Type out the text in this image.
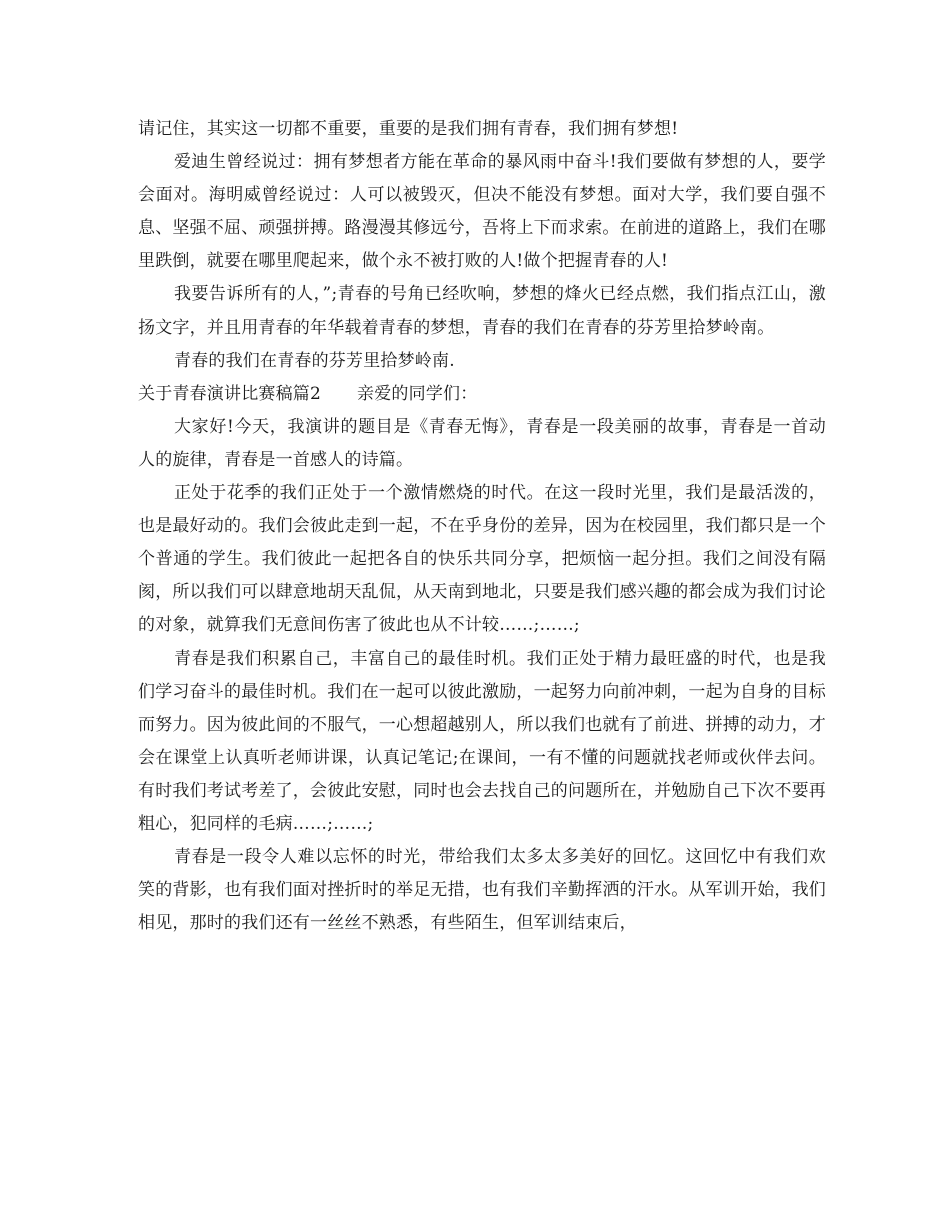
请记住，其实这一切都不重要，重要的是我们拥有青春，我们拥有梦想!

爱迪生曾经说过：拥有梦想者方能在革命的暴风雨中奋斗!我们要做有梦想的人，要学会面对。海明威曾经说过：人可以被毁灭，但决不能没有梦想。面对大学，我们要自强不息、坚强不屈、顽强拼搏。路漫漫其修远兮，吾将上下而求索。在前进的道路上，我们在哪里跌倒，就要在哪里爬起来，做个永不被打败的人!做个把握青春的人!

我要告诉所有的人，”;青春的号角已经吹响，梦想的烽火已经点燃，我们指点江山，激扬文字，并且用青春的年华载着青春的梦想，青春的我们在青春的芬芳里拾梦岭南。

青春的我们在青春的芬芳里拾梦岭南.

关于青春演讲比赛稿篇2 亲爱的同学们：

大家好!今天，我演讲的题目是《青春无悔》，青春是一段美丽的故事，青春是一首动人的旋律，青春是一首感人的诗篇。

正处于花季的我们正处于一个激情燃烧的时代。在这一段时光里，我们是最活泼的，也是最好动的。我们会彼此走到一起，不在乎身份的差异，因为在校园里，我们都只是一个个普通的学生。我们彼此一起把各自的快乐共同分享，把烦恼一起分担。我们之间没有隔阂，所以我们可以肆意地胡天乱侃，从天南到地北，只要是我们感兴趣的都会成为我们讨论的对象，就算我们无意间伤害了彼此也从不计较……;……;

青春是我们积累自己，丰富自己的最佳时机。我们正处于精力最旺盛的时代，也是我们学习奋斗的最佳时机。我们在一起可以彼此激励，一起努力向前冲刺，一起为自身的目标而努力。因为彼此间的不服气，一心想超越别人，所以我们也就有了前进、拼搏的动力，才会在课堂上认真听老师讲课，认真记笔记;在课间，一有不懂的问题就找老师或伙伴去问。有时我们考试考差了，会彼此安慰，同时也会去找自己的问题所在，并勉励自己下次不要再粗心，犯同样的毛病……;……;

青春是一段令人难以忘怀的时光，带给我们太多太多美好的回忆。这回忆中有我们欢笑的背影，也有我们面对挫折时的举足无措，也有我们辛勤挥洒的汗水。从军训开始，我们相见，那时的我们还有一丝丝不熟悉，有些陌生，但军训结束后，
